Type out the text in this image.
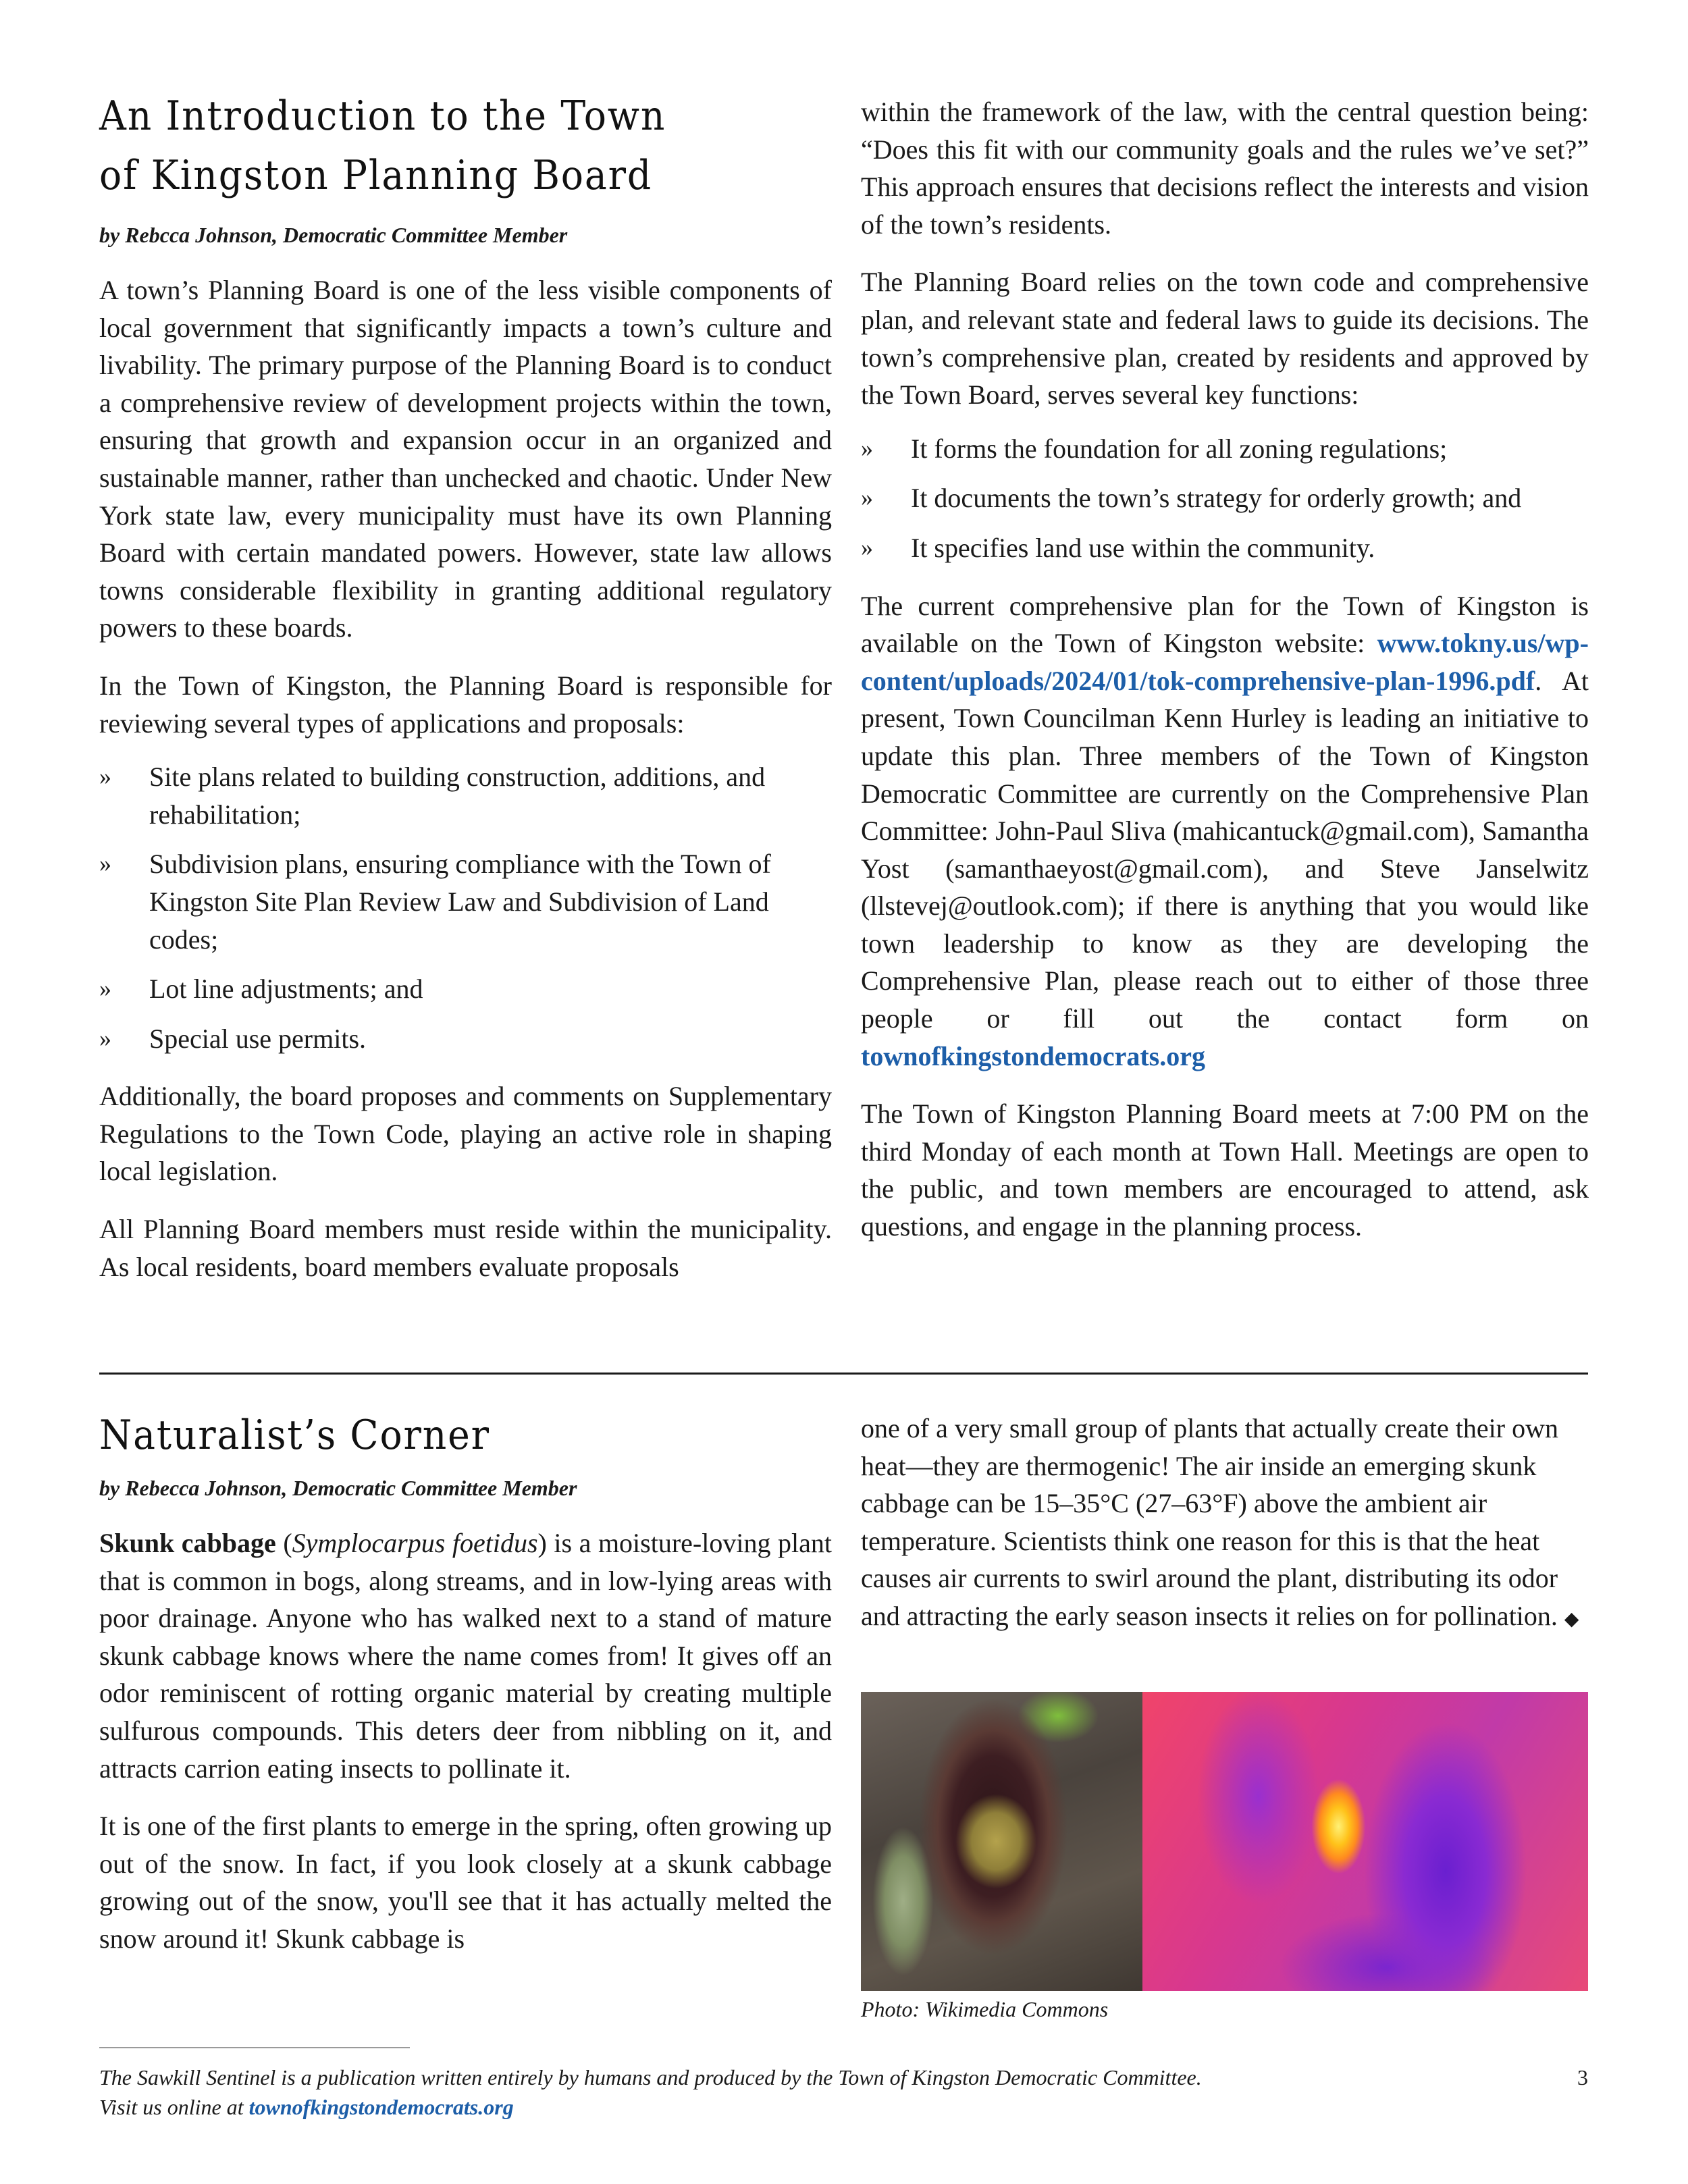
An Introduction to the Town
of Kingston Planning Board

by Rebcca Johnson, Democratic Committee Member

A town’s Planning Board is one of the less visible components of local government that significantly impacts a town’s culture and livability. The primary purpose of the Planning Board is to conduct a comprehensive review of development projects within the town, ensuring that growth and expansion occur in an organized and sustainable manner, rather than unchecked and chaotic. Under New York state law, every municipality must have its own Planning Board with certain mandated powers. However, state law allows towns considerable flexibility in granting additional regulatory powers to these boards.

In the Town of Kingston, the Planning Board is responsible for reviewing several types of applications and proposals:

» Site plans related to building construction, additions, and rehabilitation;
» Subdivision plans, ensuring compliance with the Town of Kingston Site Plan Review Law and Subdivision of Land codes;
» Lot line adjustments; and
» Special use permits.

Additionally, the board proposes and comments on Supplementary Regulations to the Town Code, playing an active role in shaping local legislation.

All Planning Board members must reside within the municipality. As local residents, board members evaluate proposals

within the framework of the law, with the central question being: “Does this fit with our community goals and the rules we’ve set?” This approach ensures that decisions reflect the interests and vision of the town’s residents.

The Planning Board relies on the town code and comprehensive plan, and relevant state and federal laws to guide its decisions. The town’s comprehensive plan, created by residents and approved by the Town Board, serves several key functions:

» It forms the foundation for all zoning regulations;
» It documents the town’s strategy for orderly growth; and
» It specifies land use within the community.

The current comprehensive plan for the Town of Kingston is available on the Town of Kingston website: www.tokny.us/wp-content/uploads/2024/01/tok-comprehensive-plan-1996.pdf. At present, Town Councilman Kenn Hurley is leading an initiative to update this plan. Three members of the Town of Kingston Democratic Committee are currently on the Comprehensive Plan Committee: John-Paul Sliva (mahicantuck@gmail.com), Samantha Yost (samanthaeyost@gmail.com), and Steve Janselwitz (llstevej@outlook.com); if there is anything that you would like town leadership to know as they are developing the Comprehensive Plan, please reach out to either of those three people or fill out the contact form on townofkingstondemocrats.org

The Town of Kingston Planning Board meets at 7:00 PM on the third Monday of each month at Town Hall. Meetings are open to the public, and town members are encouraged to attend, ask questions, and engage in the planning process.

Naturalist’s Corner

by Rebecca Johnson, Democratic Committee Member

Skunk cabbage (Symplocarpus foetidus) is a moisture-loving plant that is common in bogs, along streams, and in low-lying areas with poor drainage. Anyone who has walked next to a stand of mature skunk cabbage knows where the name comes from! It gives off an odor reminiscent of rotting organic material by creating multiple sulfurous compounds. This deters deer from nibbling on it, and attracts carrion eating insects to pollinate it.

It is one of the first plants to emerge in the spring, often growing up out of the snow. In fact, if you look closely at a skunk cabbage growing out of the snow, you'll see that it has actually melted the snow around it! Skunk cabbage is

one of a very small group of plants that actually create their own heat—they are thermogenic! The air inside an emerging skunk cabbage can be 15–35°C (27–63°F) above the ambient air temperature. Scientists think one reason for this is that the heat causes air currents to swirl around the plant, distributing its odor and attracting the early season insects it relies on for pollination. ◆

Photo: Wikimedia Commons
The Sawkill Sentinel is a publication written entirely by humans and produced by the Town of Kingston Democratic Committee.
Visit us online at townofkingstondemocrats.org
3
